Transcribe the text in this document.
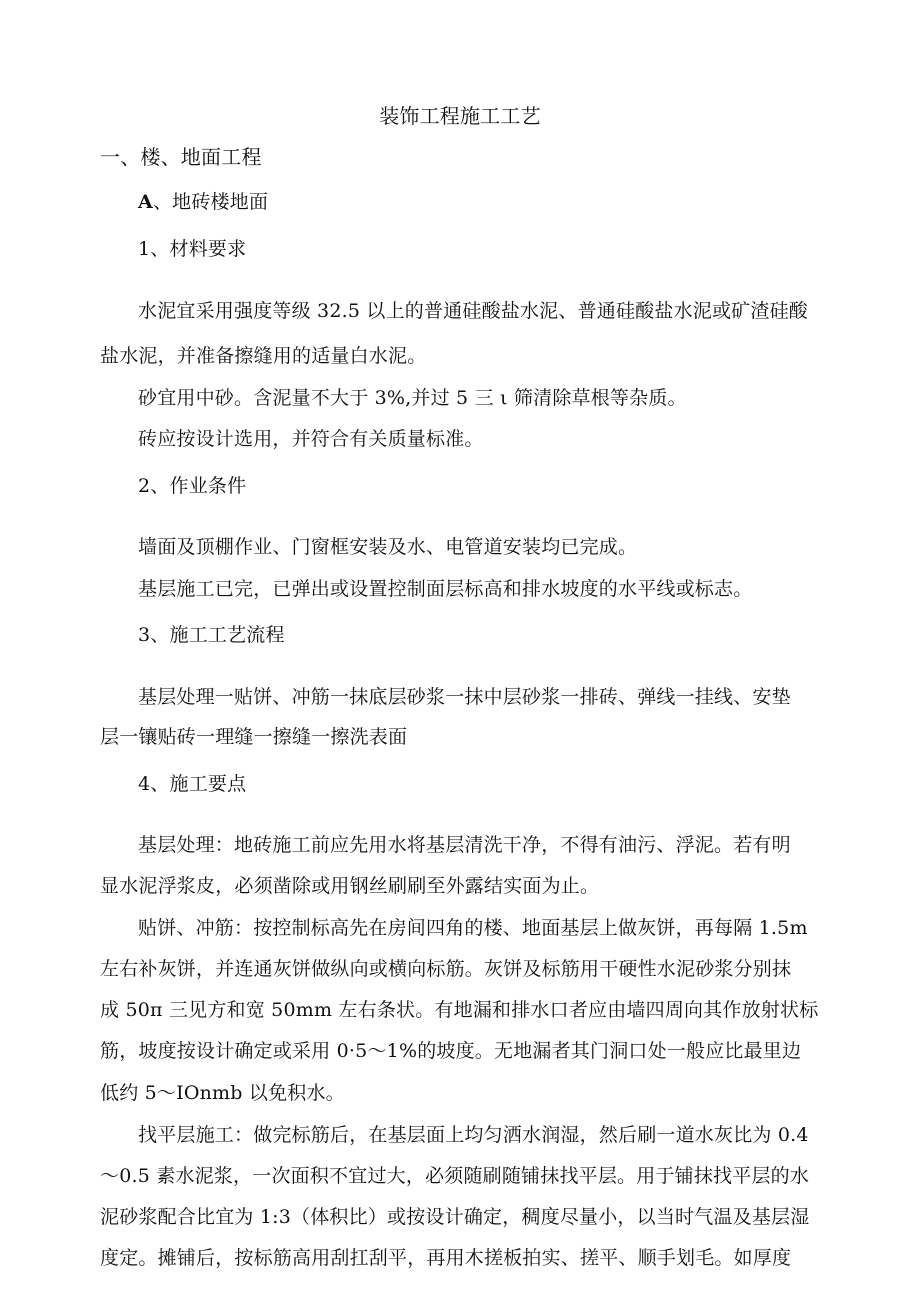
装饰工程施工工艺
一、楼、地面工程
A、地砖楼地面
1、材料要求
水泥宜采用强度等级 32.5 以上的普通硅酸盐水泥、普通硅酸盐水泥或矿渣硅酸
盐水泥，并准备擦缝用的适量白水泥。
砂宜用中砂。含泥量不大于 3%,并过 5 三 ι 筛清除草根等杂质。
砖应按设计选用，并符合有关质量标准。
2、作业条件
墙面及顶棚作业、门窗框安装及水、电管道安装均已完成。
基层施工已完，已弹出或设置控制面层标高和排水坡度的水平线或标志。
3、施工工艺流程
基层处理一贴饼、冲筋一抹底层砂浆一抹中层砂浆一排砖、弹线一挂线、安垫
层一镶贴砖一理缝一擦缝一擦洗表面
4、施工要点
基层处理：地砖施工前应先用水将基层清洗干净，不得有油污、浮泥。若有明
显水泥浮浆皮，必须凿除或用钢丝刷刷至外露结实面为止。
贴饼、冲筋：按控制标高先在房间四角的楼、地面基层上做灰饼，再每隔 1.5m
左右补灰饼，并连通灰饼做纵向或横向标筋。灰饼及标筋用干硬性水泥砂浆分别抹
成 50π 三见方和宽 50mm 左右条状。有地漏和排水口者应由墙四周向其作放射状标
筋，坡度按设计确定或采用 0·5～1%的坡度。无地漏者其门洞口处一般应比最里边
低约 5～IOnmb 以免积水。
找平层施工：做完标筋后，在基层面上均匀洒水润湿，然后刷一道水灰比为 0.4
～0.5 素水泥浆，一次面积不宜过大，必须随刷随铺抹找平层。用于铺抹找平层的水
泥砂浆配合比宜为 1:3（体积比）或按设计确定，稠度尽量小，以当时气温及基层湿
度定。摊铺后，按标筋高用刮扛刮平，再用木搓板拍实、搓平、顺手划毛。如厚度
